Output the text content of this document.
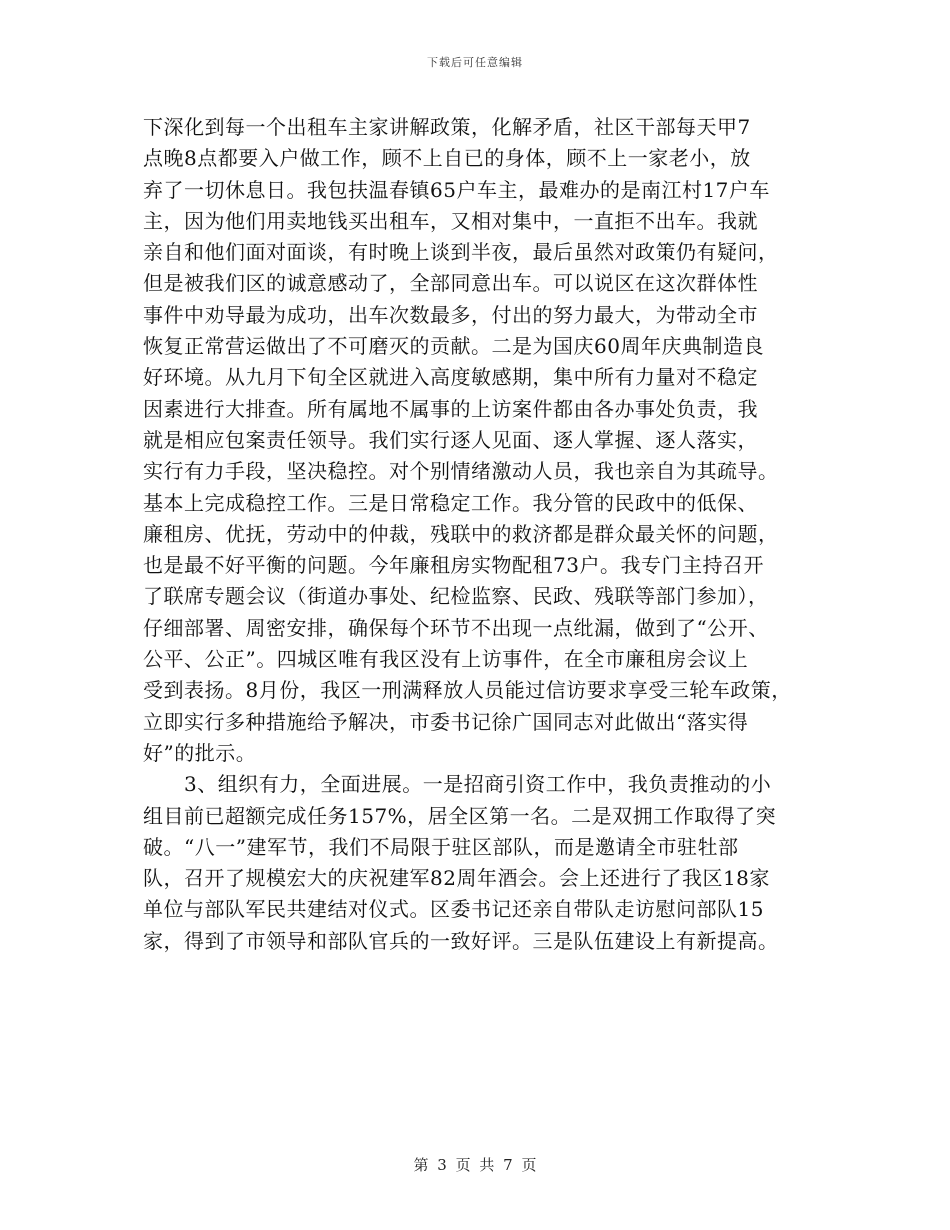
下载后可任意编辑
下深化到每一个出租车主家讲解政策，化解矛盾，社区干部每天甲7
点晚8点都要入户做工作，顾不上自已的身体，顾不上一家老小，放
弃了一切休息日。我包扶温春镇65户车主，最难办的是南江村17户车
主，因为他们用卖地钱买出租车，又相对集中，一直拒不出车。我就
亲自和他们面对面谈，有时晚上谈到半夜，最后虽然对政策仍有疑问，
但是被我们区的诚意感动了，全部同意出车。可以说区在这次群体性
事件中劝导最为成功，出车次数最多，付出的努力最大，为带动全市
恢复正常营运做出了不可磨灭的贡献。二是为国庆60周年庆典制造良
好环境。从九月下旬全区就进入高度敏感期，集中所有力量对不稳定
因素进行大排查。所有属地不属事的上访案件都由各办事处负责，我
就是相应包案责任领导。我们实行逐人见面、逐人掌握、逐人落实，
实行有力手段，坚决稳控。对个别情绪激动人员，我也亲自为其疏导。
基本上完成稳控工作。三是日常稳定工作。我分管的民政中的低保、
廉租房、优抚，劳动中的仲裁，残联中的救济都是群众最关怀的问题，
也是最不好平衡的问题。今年廉租房实物配租73户。我专门主持召开
了联席专题会议（街道办事处、纪检监察、民政、残联等部门参加），
仔细部署、周密安排，确保每个环节不出现一点纰漏，做到了“公开、
公平、公正”。四城区唯有我区没有上访事件，在全市廉租房会议上
受到表扬。8月份，我区一刑满释放人员能过信访要求享受三轮车政策，
立即实行多种措施给予解决，市委书记徐广国同志对此做出“落实得
好”的批示。
　　3、组织有力，全面进展。一是招商引资工作中，我负责推动的小
组目前已超额完成任务157%，居全区第一名。二是双拥工作取得了突
破。“八一”建军节，我们不局限于驻区部队，而是邀请全市驻牡部
队，召开了规模宏大的庆祝建军82周年酒会。会上还进行了我区18家
单位与部队军民共建结对仪式。区委书记还亲自带队走访慰问部队15
家，得到了市领导和部队官兵的一致好评。三是队伍建设上有新提高。
第 3 页 共 7 页
